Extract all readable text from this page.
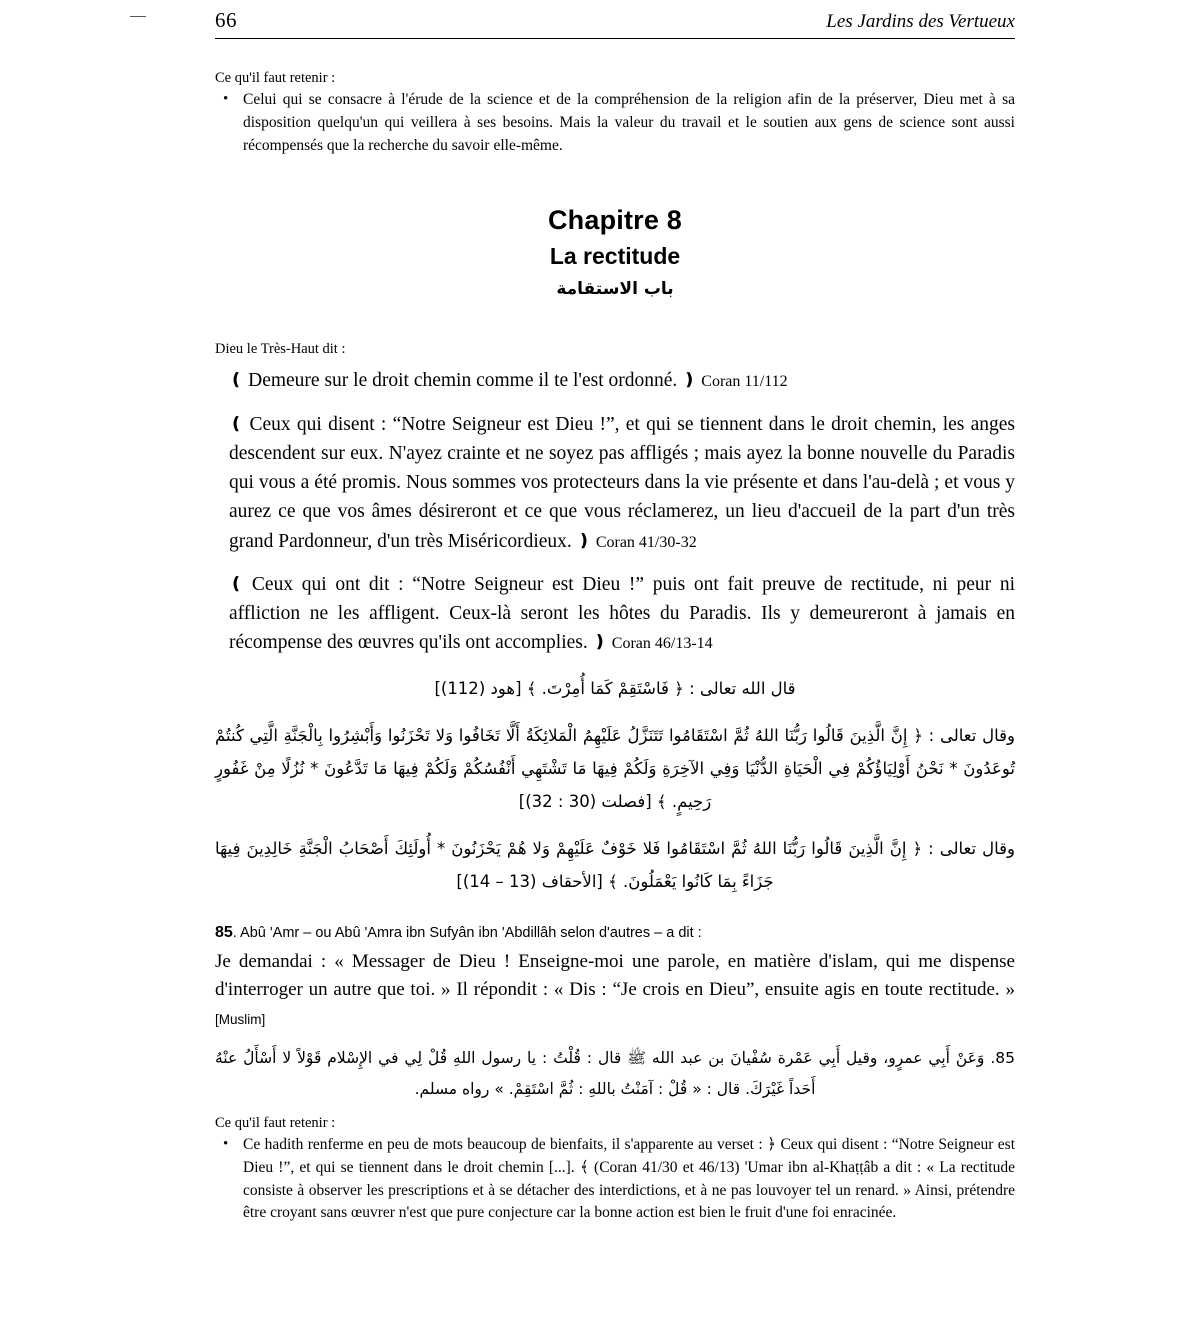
66	Les Jardins des Vertueux
Ce qu'il faut retenir :
• Celui qui se consacre à l'érude de la science et de la compréhension de la religion afin de la préserver, Dieu met à sa disposition quelqu'un qui veillera à ses besoins. Mais la valeur du travail et le soutien aux gens de science sont aussi récompensés que la recherche du savoir elle-même.
Chapitre 8
La rectitude
باب الاستقامة
Dieu le Très-Haut dit :

❪ Demeure sur le droit chemin comme il te l'est ordonné. ❫ Coran 11/112

❪ Ceux qui disent : “Notre Seigneur est Dieu !”, et qui se tiennent dans le droit chemin, les anges descendent sur eux. N'ayez crainte et ne soyez pas affligés ; mais ayez la bonne nouvelle du Paradis qui vous a été promis. Nous sommes vos protecteurs dans la vie présente et dans l'au-delà ; et vous y aurez ce que vos âmes désireront et ce que vous réclamerez, un lieu d'accueil de la part d'un très grand Pardonneur, d'un très Miséricordieux. ❫ Coran 41/30-32

❪ Ceux qui ont dit : “Notre Seigneur est Dieu !” puis ont fait preuve de rectitude, ni peur ni affliction ne les affligent. Ceux-là seront les hôtes du Paradis. Ils y demeureront à jamais en récompense des œuvres qu'ils ont accomplies. ❫ Coran 46/13-14

قال الله تعالى : ﴿ فَاسْتَقِمْ كَمَا أُمِرْتَ. ﴾ [هود (112)]
وقال تعالى : ﴿ إِنَّ الَّذِينَ قَالُوا رَبُّنَا اللهُ ثُمَّ اسْتَقَامُوا تَتَنَزَّلُ عَلَيْهِمُ الْمَلائِكَةُ أَلَّا تَخَافُوا وَلا تَحْزَنُوا وَأَبْشِرُوا بِالْجَنَّةِ الَّتِي كُنتُمْ تُوعَدُونَ * نَحْنُ أَوْلِيَاؤُكُمْ فِي الْحَيَاةِ الدُّنْيَا وَفِي الآخِرَةِ وَلَكُمْ فِيهَا مَا تَشْتَهِي أَنْفُسُكُمْ وَلَكُمْ فِيهَا مَا تَدَّعُونَ * نُزُلًا مِنْ غَفُورٍ رَحِيمٍ. ﴾ [فصلت (30 : 32)]
وقال تعالى : ﴿ إِنَّ الَّذِينَ قَالُوا رَبُّنَا اللهُ ثُمَّ اسْتَقَامُوا فَلا خَوْفٌ عَلَيْهِمْ وَلا هُمْ يَحْزَنُونَ * أُولَئِكَ أَصْحَابُ الْجَنَّةِ خَالِدِينَ فِيهَا جَزَاءً بِمَا كَانُوا يَعْمَلُونَ. ﴾ [الأحقاف (13 – 14)]
85. Abû 'Amr – ou Abû 'Amra ibn Sufyân ibn 'Abdillâh selon d'autres – a dit :

Je demandai : « Messager de Dieu ! Enseigne-moi une parole, en matière d'islam, qui me dispense d'interroger un autre que toi. » Il répondit : « Dis : “Je crois en Dieu”, ensuite agis en toute rectitude. » [Muslim]

85. وَعَنْ أَبِي عمرٍو، وقيل أَبِي عَمْرة سُفْيانَ بن عبد الله ﷺ قال : قُلْتُ : يا رسول اللهِ قُلْ لِي في الإِسْلام قَوْلاً لا أَسْأَلُ عنْهُ أَحَداً غَيْرَكَ. قال : « قُلْ : آمَنْتُ باللهِ : ثُمَّ اسْتَقِمْ. » رواه مسلم.
Ce qu'il faut retenir :
• Ce hadith renferme en peu de mots beaucoup de bienfaits, il s'apparente au verset : ﴿ Ceux qui disent : “Notre Seigneur est Dieu !”, et qui se tiennent dans le droit chemin [...]. ﴾ (Coran 41/30 et 46/13) 'Umar ibn al-Khaṭṭâb a dit : « La rectitude consiste à observer les prescriptions et à se détacher des interdictions, et à ne pas louvoyer tel un renard. » Ainsi, prétendre être croyant sans œuvrer n'est que pure conjecture car la bonne action est bien le fruit d'une foi enracinée.
